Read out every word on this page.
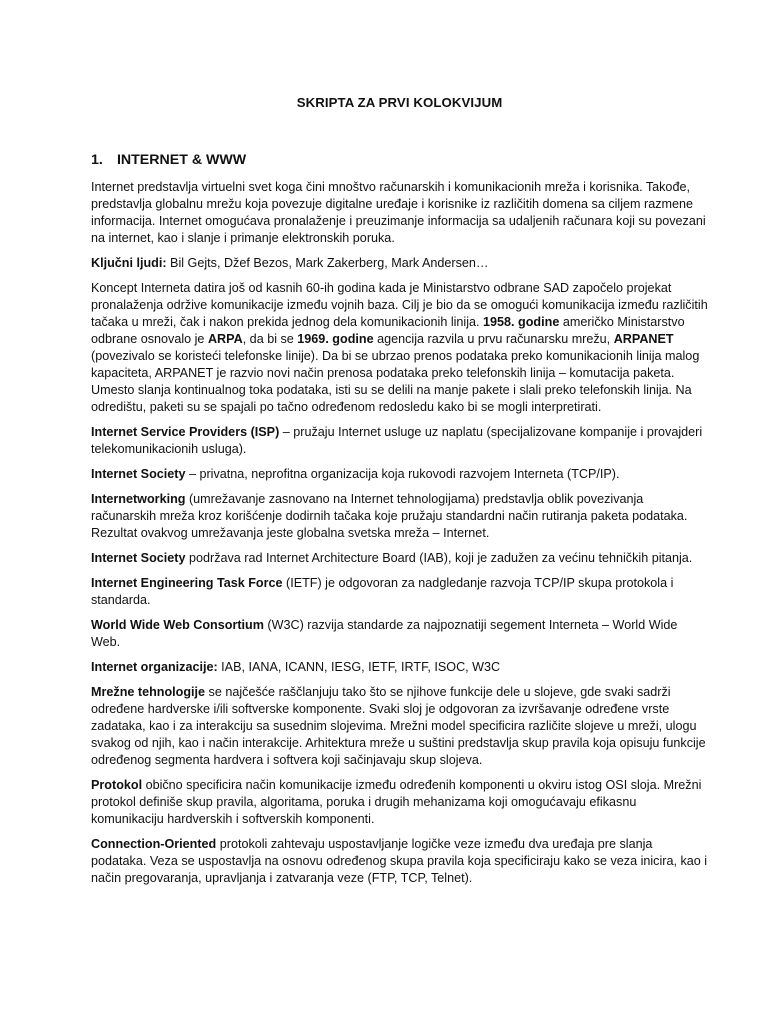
SKRIPTA ZA PRVI KOLOKVIJUM
1. INTERNET & WWW

Internet predstavlja virtuelni svet koga čini mnoštvo računarskih i komunikacionih mreža i korisnika. Takođe, predstavlja globalnu mrežu koja povezuje digitalne uređaje i korisnike iz različitih domena sa ciljem razmene informacija. Internet omogućava pronalaženje i preuzimanje informacija sa udaljenih računara koji su povezani na internet, kao i slanje i primanje elektronskih poruka.

Ključni ljudi: Bil Gejts, Džef Bezos, Mark Zakerberg, Mark Andersen…

Koncept Interneta datira još od kasnih 60-ih godina kada je Ministarstvo odbrane SAD započelo projekat pronalaženja održive komunikacije između vojnih baza. Cilj je bio da se omogući komunikacija između različitih tačaka u mreži, čak i nakon prekida jednog dela komunikacionih linija. 1958. godine američko Ministarstvo odbrane osnovalo je ARPA, da bi se 1969. godine agencija razvila u prvu računarsku mrežu, ARPANET (povezivalo se koristeći telefonske linije). Da bi se ubrzao prenos podataka preko komunikacionih linija malog kapaciteta, ARPANET je razvio novi način prenosa podataka preko telefonskih linija – komutacija paketa. Umesto slanja kontinualnog toka podataka, isti su se delili na manje pakete i slali preko telefonskih linija. Na odredištu, paketi su se spajali po tačno određenom redosledu kako bi se mogli interpretirati.

Internet Service Providers (ISP) – pružaju Internet usluge uz naplatu (specijalizovane kompanije i provajderi telekomunikacionih usluga).

Internet Society – privatna, neprofitna organizacija koja rukovodi razvojem Interneta (TCP/IP).

Internetworking (umrežavanje zasnovano na Internet tehnologijama) predstavlja oblik povezivanja računarskih mreža kroz korišćenje dodirnih tačaka koje pružaju standardni način rutiranja paketa podataka. Rezultat ovakvog umrežavanja jeste globalna svetska mreža – Internet.

Internet Society podržava rad Internet Architecture Board (IAB), koji je zadužen za većinu tehničkih pitanja.

Internet Engineering Task Force (IETF) je odgovoran za nadgledanje razvoja TCP/IP skupa protokola i standarda.

World Wide Web Consortium (W3C) razvija standarde za najpoznatiji segement Interneta – World Wide Web.

Internet organizacije: IAB, IANA, ICANN, IESG, IETF, IRTF, ISOC, W3C

Mrežne tehnologije se najčešće raščlanjuju tako što se njihove funkcije dele u slojeve, gde svaki sadrži određene hardverske i/ili softverske komponente. Svaki sloj je odgovoran za izvršavanje određene vrste zadataka, kao i za interakciju sa susednim slojevima. Mrežni model specificira različite slojeve u mreži, ulogu svakog od njih, kao i način interakcije. Arhitektura mreže u suštini predstavlja skup pravila koja opisuju funkcije određenog segmenta hardvera i softvera koji sačinjavaju skup slojeva.

Protokol obično specificira način komunikacije između određenih komponenti u okviru istog OSI sloja. Mrežni protokol definiše skup pravila, algoritama, poruka i drugih mehanizama koji omogućavaju efikasnu komunikaciju hardverskih i softverskih komponenti.

Connection-Oriented protokoli zahtevaju uspostavljanje logičke veze između dva uređaja pre slanja podataka. Veza se uspostavlja na osnovu određenog skupa pravila koja specificiraju kako se veza inicira, kao i način pregovaranja, upravljanja i zatvaranja veze (FTP, TCP, Telnet).
